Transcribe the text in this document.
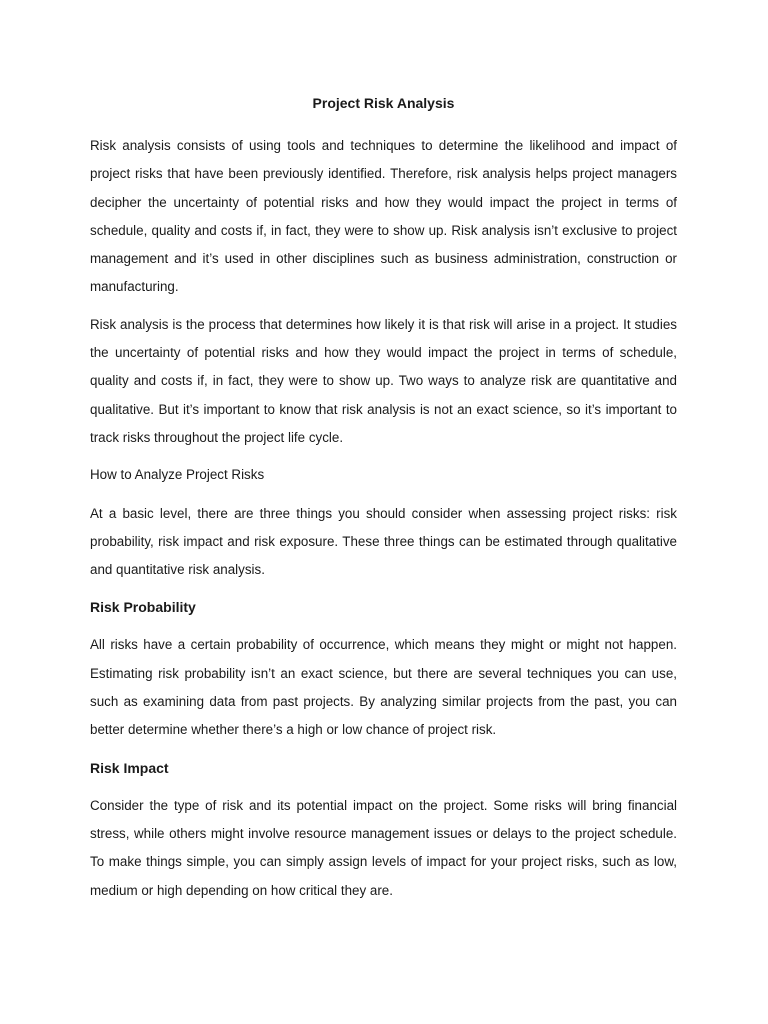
Project Risk Analysis

Risk analysis consists of using tools and techniques to determine the likelihood and impact of project risks that have been previously identified. Therefore, risk analysis helps project managers decipher the uncertainty of potential risks and how they would impact the project in terms of schedule, quality and costs if, in fact, they were to show up. Risk analysis isn’t exclusive to project management and it’s used in other disciplines such as business administration, construction or manufacturing.

Risk analysis is the process that determines how likely it is that risk will arise in a project. It studies the uncertainty of potential risks and how they would impact the project in terms of schedule, quality and costs if, in fact, they were to show up. Two ways to analyze risk are quantitative and qualitative. But it’s important to know that risk analysis is not an exact science, so it’s important to track risks throughout the project life cycle.

How to Analyze Project Risks

At a basic level, there are three things you should consider when assessing project risks: risk probability, risk impact and risk exposure. These three things can be estimated through qualitative and quantitative risk analysis.

Risk Probability

All risks have a certain probability of occurrence, which means they might or might not happen. Estimating risk probability isn’t an exact science, but there are several techniques you can use, such as examining data from past projects. By analyzing similar projects from the past, you can better determine whether there’s a high or low chance of project risk.

Risk Impact

Consider the type of risk and its potential impact on the project. Some risks will bring financial stress, while others might involve resource management issues or delays to the project schedule. To make things simple, you can simply assign levels of impact for your project risks, such as low, medium or high depending on how critical they are.
